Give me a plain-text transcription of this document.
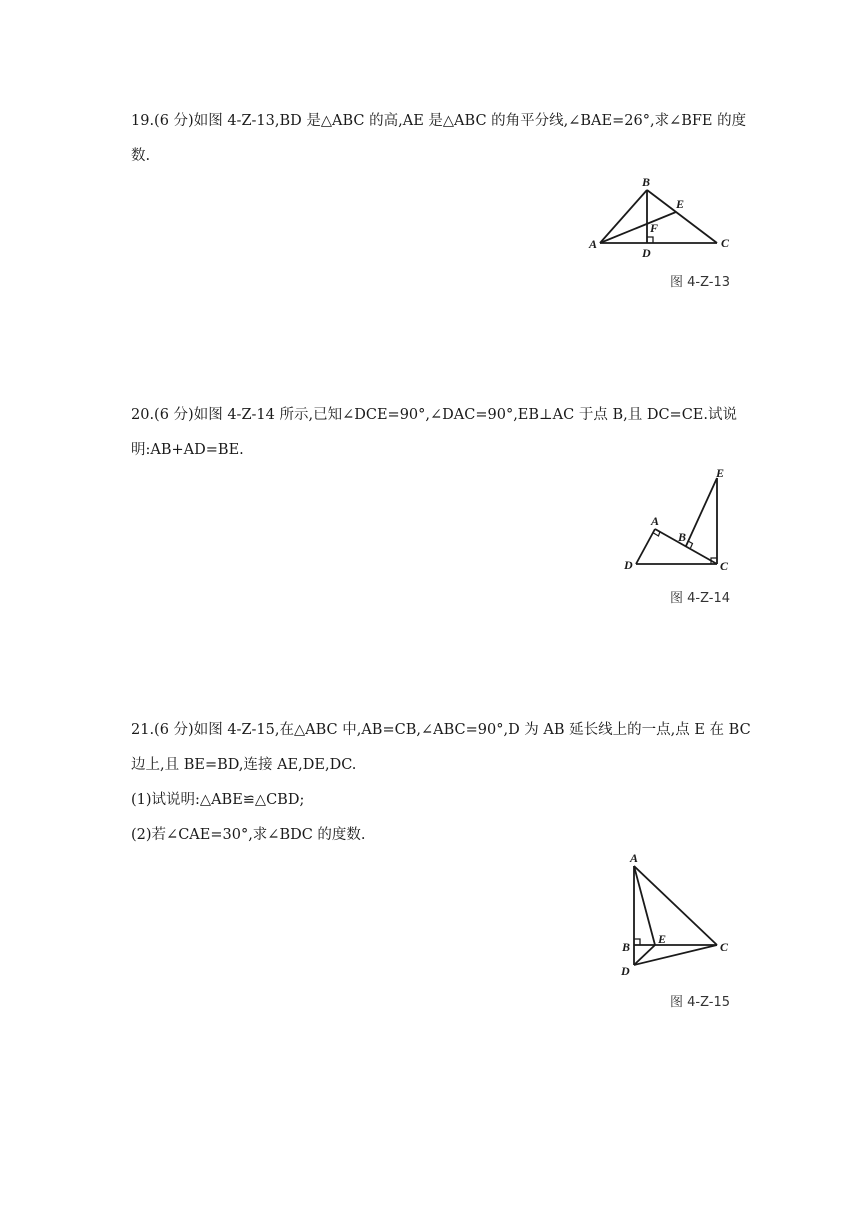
19.(6 分)如图 4-Z-13,BD 是△ABC 的高,AE 是△ABC 的角平分线,∠BAE=26°,求∠BFE 的度
数.
A
B
C
D
E
F
图 4-Z-13
20.(6 分)如图 4-Z-14 所示,已知∠DCE=90°,∠DAC=90°,EB⊥AC 于点 B,且 DC=CE.试说
明:AB+AD=BE.
A
B
C
D
E
图 4-Z-14
21.(6 分)如图 4-Z-15,在△ABC 中,AB=CB,∠ABC=90°,D 为 AB 延长线上的一点,点 E 在 BC
边上,且 BE=BD,连接 AE,DE,DC.
(1)试说明:△ABE≌△CBD;
(2)若∠CAE=30°,求∠BDC 的度数.
A
B	C
D
E
图 4-Z-15
